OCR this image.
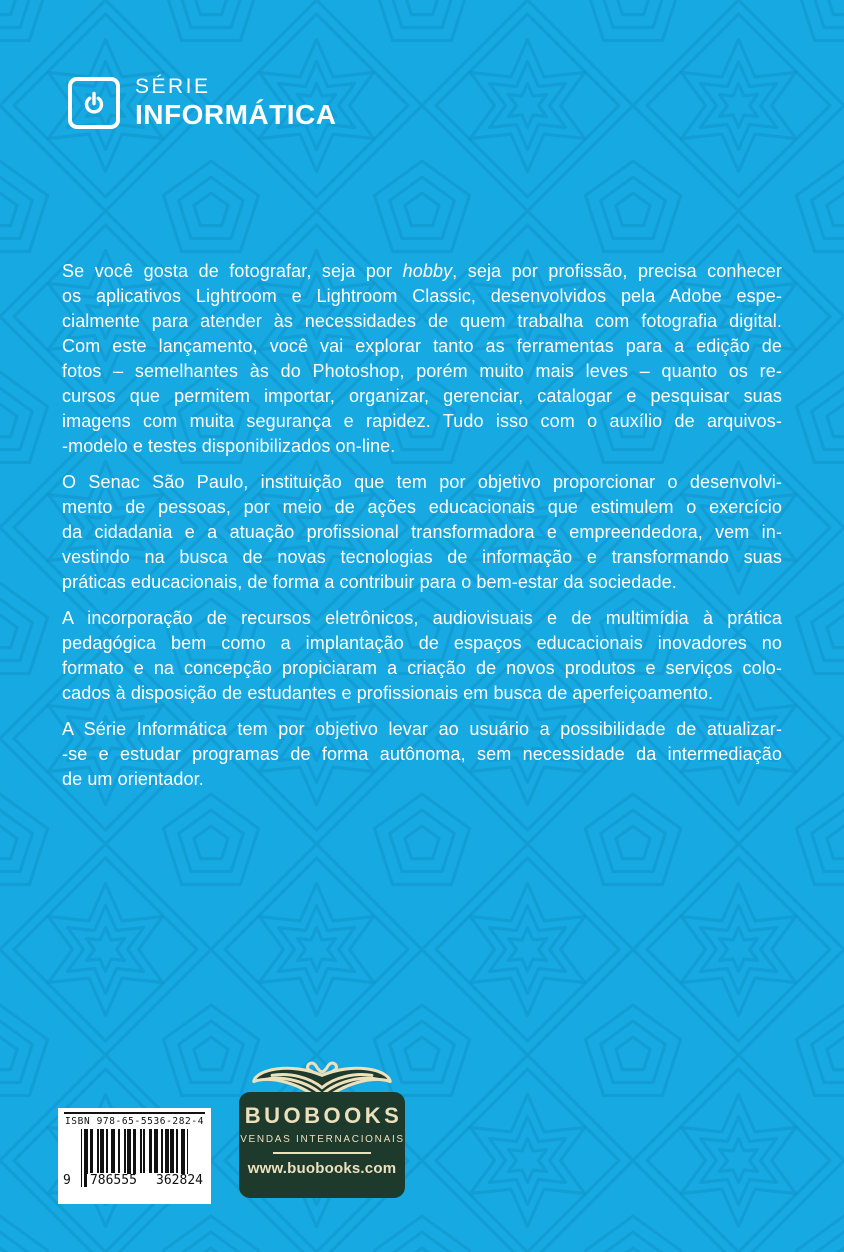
SÉRIE
INFORMÁTICA
Se você gosta de fotografar, seja por hobby, seja por profissão, precisa conhecer
os aplicativos Lightroom e Lightroom Classic, desenvolvidos pela Adobe espe-
cialmente para atender às necessidades de quem trabalha com fotografia digital.
Com este lançamento, você vai explorar tanto as ferramentas para a edição de
fotos – semelhantes às do Photoshop, porém muito mais leves – quanto os re-
cursos que permitem importar, organizar, gerenciar, catalogar e pesquisar suas
imagens com muita segurança e rapidez. Tudo isso com o auxílio de arquivos-
-modelo e testes disponibilizados on-line.
O Senac São Paulo, instituição que tem por objetivo proporcionar o desenvolvi-
mento de pessoas, por meio de ações educacionais que estimulem o exercício
da cidadania e a atuação profissional transformadora e empreendedora, vem in-
vestindo na busca de novas tecnologias de informação e transformando suas
práticas educacionais, de forma a contribuir para o bem-estar da sociedade.
A incorporação de recursos eletrônicos, audiovisuais e de multimídia à prática
pedagógica bem como a implantação de espaços educacionais inovadores no
formato e na concepção propiciaram a criação de novos produtos e serviços colo-
cados à disposição de estudantes e profissionais em busca de aperfeiçoamento.
A Série Informática tem por objetivo levar ao usuário a possibilidade de atualizar-
-se e estudar programas de forma autônoma, sem necessidade da intermediação
de um orientador.
ISBN 978-65-5536-282-4
9 786555 362824
BUOBOOKS
VENDAS INTERNACIONAIS
www.buobooks.com
